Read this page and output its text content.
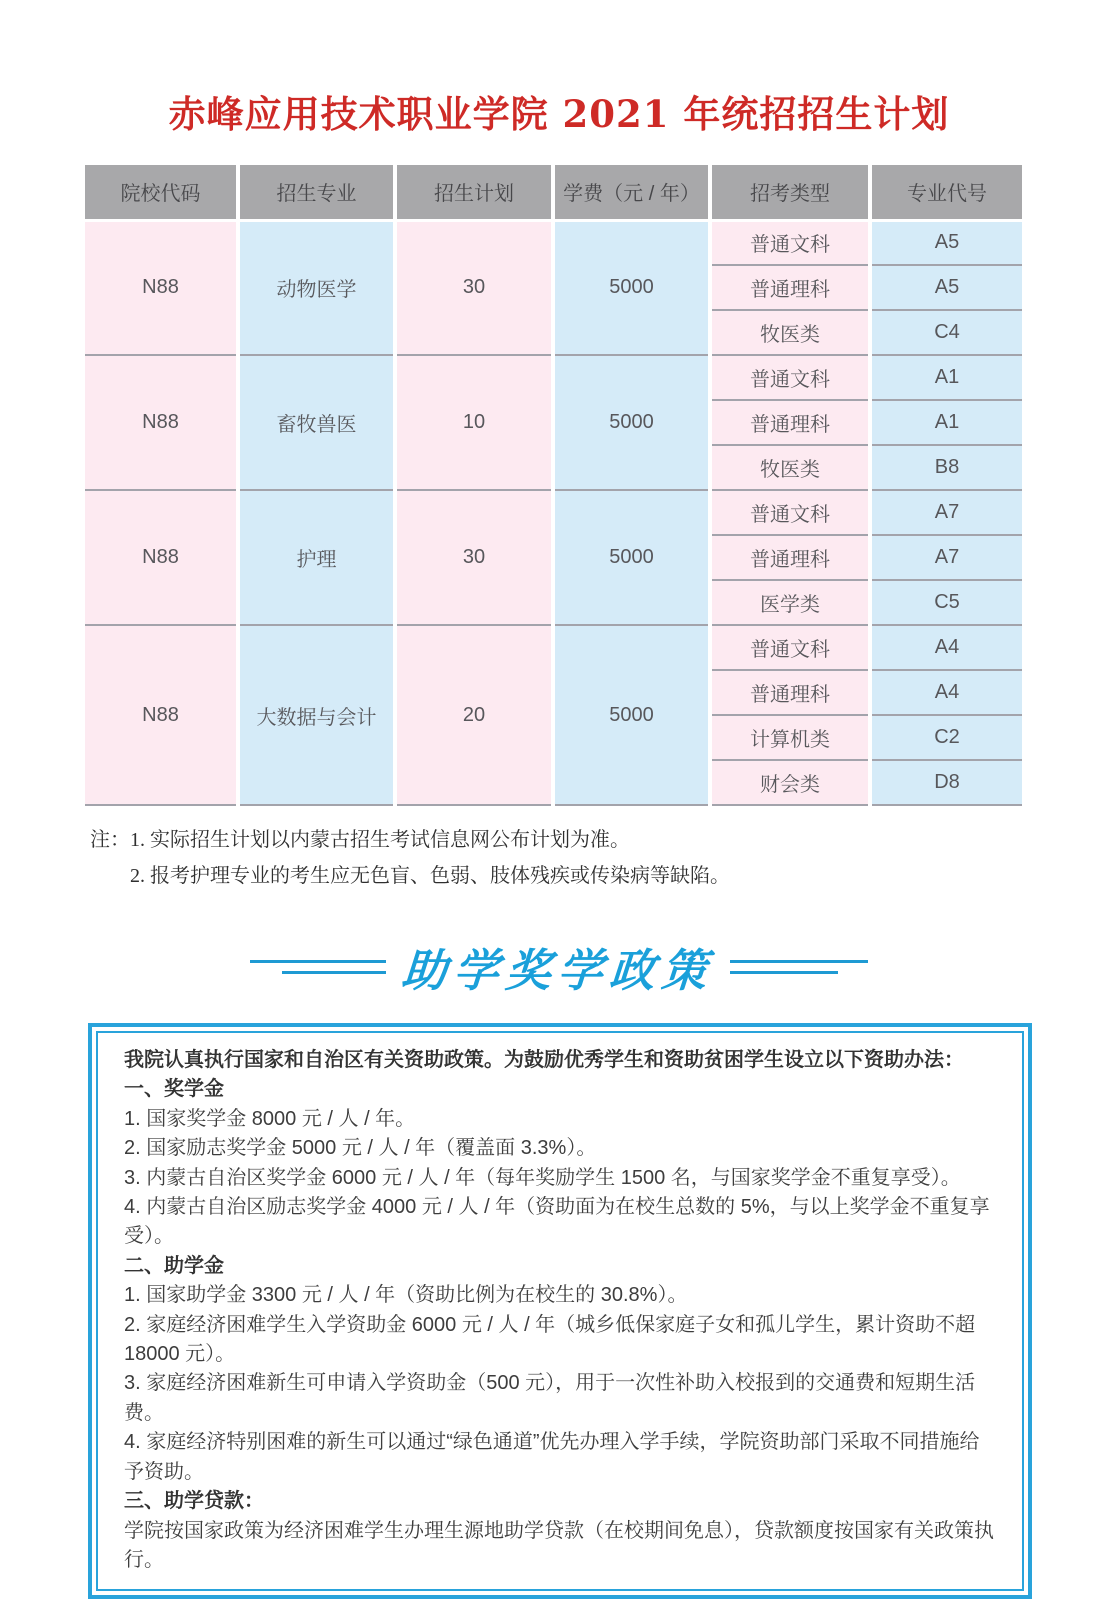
赤峰应用技术职业学院 2021 年统招招生计划
院校代码	招生专业	招生计划	学费（元 / 年）	招考类型	专业代号
N88	动物医学	30	5000	普通文科	A5
				普通理科	A5
				牧医类	C4
N88	畜牧兽医	10	5000	普通文科	A1
				普通理科	A1
				牧医类	B8
N88	护理	30	5000	普通文科	A7
				普通理科	A7
				医学类	C5
N88	大数据与会计	20	5000	普通文科	A4
				普通理科	A4
				计算机类	C2
				财会类	D8
注： 1. 实际招生计划以内蒙古招生考试信息网公布计划为准。
2. 报考护理专业的考生应无色盲、色弱、肢体残疾或传染病等缺陷。
助学奖学政策

我院认真执行国家和自治区有关资助政策。为鼓励优秀学生和资助贫困学生设立以下资助办法：

一、奖学金

1. 国家奖学金 8000 元 / 人 / 年。

2. 国家励志奖学金 5000 元 / 人 / 年（覆盖面 3.3%）。

3. 内蒙古自治区奖学金 6000 元 / 人 / 年（每年奖励学生 1500 名，与国家奖学金不重复享受）。

4. 内蒙古自治区励志奖学金 4000 元 / 人 / 年（资助面为在校生总数的 5%，与以上奖学金不重复享受）。

二、助学金

1. 国家助学金 3300 元 / 人 / 年（资助比例为在校生的 30.8%）。

2. 家庭经济困难学生入学资助金 6000 元 / 人 / 年（城乡低保家庭子女和孤儿学生，累计资助不超 18000 元）。

3. 家庭经济困难新生可申请入学资助金（500 元），用于一次性补助入校报到的交通费和短期生活费。

4. 家庭经济特别困难的新生可以通过“绿色通道”优先办理入学手续，学院资助部门采取不同措施给予资助。

三、助学贷款：

学院按国家政策为经济困难学生办理生源地助学贷款（在校期间免息），贷款额度按国家有关政策执行。
